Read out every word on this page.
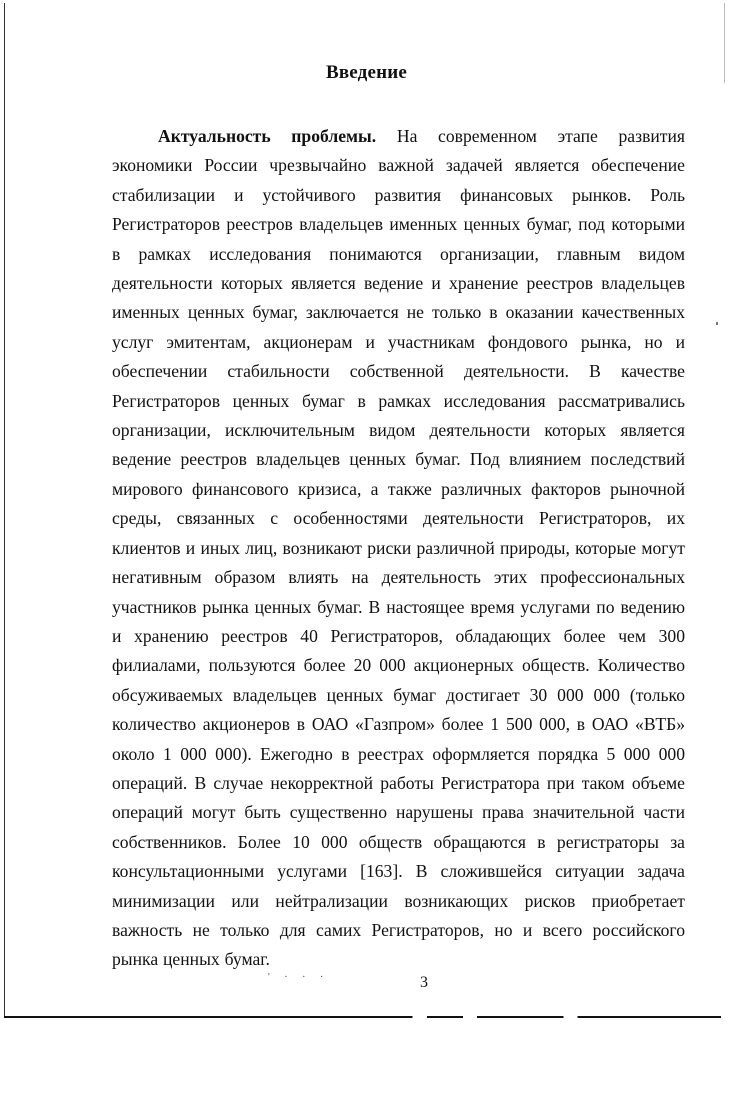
Введение

Актуальность проблемы. На современном этапе развития экономики России чрезвычайно важной задачей является обеспечение стабилизации и устойчивого развития финансовых рынков. Роль Регистраторов реестров владельцев именных ценных бумаг, под которыми в рамках исследования понимаются организации, главным видом деятельности которых является ведение и хранение реестров владельцев именных ценных бумаг, заключается не только в оказании качественных услуг эмитентам, акционерам и участникам фондового рынка, но и обеспечении стабильности собственной деятельности. В качестве Регистраторов ценных бумаг в рамках исследования рассматривались организации, исключительным видом деятельности которых является ведение реестров владельцев ценных бумаг. Под влиянием последствий мирового финансового кризиса, а также различных факторов рыночной среды, связанных с особенностями деятельности Регистраторов, их клиентов и иных лиц, возникают риски различной природы, которые могут негативным образом влиять на деятельность этих профессиональных участников рынка ценных бумаг. В настоящее время услугами по ведению и хранению реестров 40 Регистраторов, обладающих более чем 300 филиалами, пользуются более 20 000 акционерных обществ. Количество обсуживаемых владельцев ценных бумаг достигает 30 000 000 (только количество акционеров в ОАО «Газпром» более 1 500 000, в ОАО «ВТБ» около 1 000 000). Ежегодно в реестрах оформляется порядка 5 000 000 операций. В случае некорректной работы Регистратора при таком объеме операций могут быть существенно нарушены права значительной части собственников. Более 10 000 обществ обращаются в регистраторы за консультационными услугами [163]. В сложившейся ситуации задача минимизации или нейтрализации возникающих рисков приобретает важность не только для самих Регистраторов, но и всего российского рынка ценных бумаг.

' · · ·	3
